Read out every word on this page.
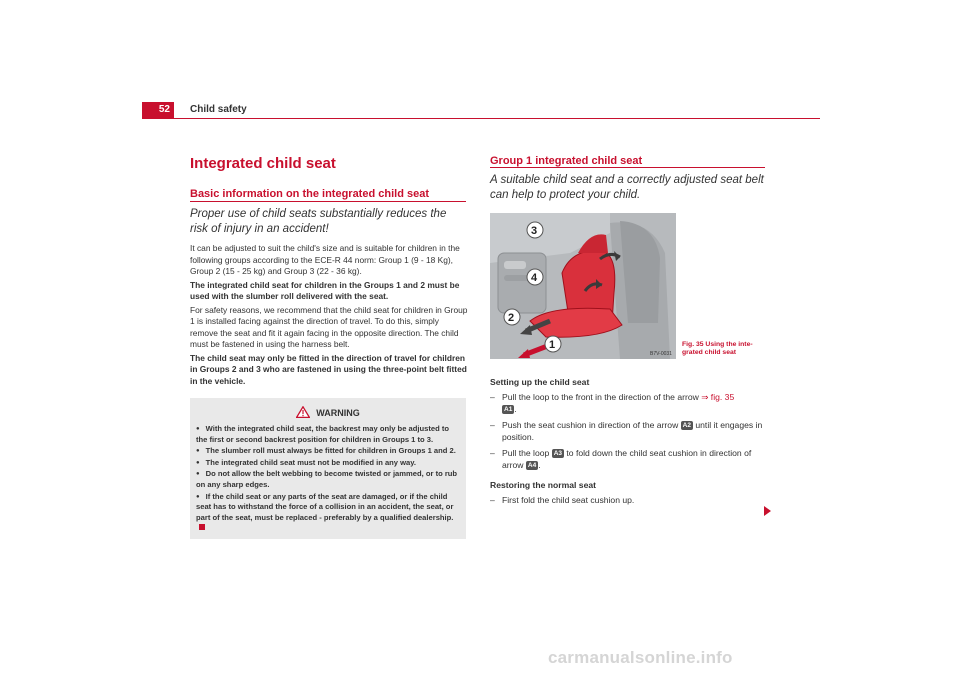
52	Child safety
Integrated child seat
Basic information on the integrated child seat
Proper use of child seats substantially reduces the risk of injury in an accident!

It can be adjusted to suit the child's size and is suitable for children in the following groups according to the ECE-R 44 norm: Group 1 (9 - 18 Kg), Group 2 (15 - 25 kg) and Group 3 (22 - 36 kg).

The integrated child seat for children in the Groups 1 and 2 must be used with the slumber roll delivered with the seat.

For safety reasons, we recommend that the child seat for children in Group 1 is installed facing against the direction of travel. To do this, simply remove the seat and fit it again facing in the opposite direction. The child must be fastened in using the harness belt.

The child seat may only be fitted in the direction of travel for children in Groups 2 and 3 who are fastened in using the three-point belt fitted in the vehicle.

WARNING
● With the integrated child seat, the backrest may only be adjusted to the first or second backrest position for children in Groups 1 to 3.
● The slumber roll must always be fitted for children in Groups 1 and 2.
● The integrated child seat must not be modified in any way.
● Do not allow the belt webbing to become twisted or jammed, or to rub on any sharp edges.
● If the child seat or any parts of the seat are damaged, or if the child seat has to withstand the force of a collision in an accident, the seat, or part of the seat, must be replaced - preferably by a qualified dealership.
Group 1 integrated child seat
A suitable child seat and a correctly adjusted seat belt can help to protect your child.
3
4
2
1
B7V-0031
Fig. 35 Using the inte-
grated child seat
Setting up the child seat

– Pull the loop to the front in the direction of the arrow ⇒ fig. 35
A1 .

– Push the seat cushion in direction of the arrow A2 until it engages in position.

– Pull the loop A3 to fold down the child seat cushion in direction of arrow A4 .

Restoring the normal seat

– First fold the child seat cushion up.

carmanualsonline.info
